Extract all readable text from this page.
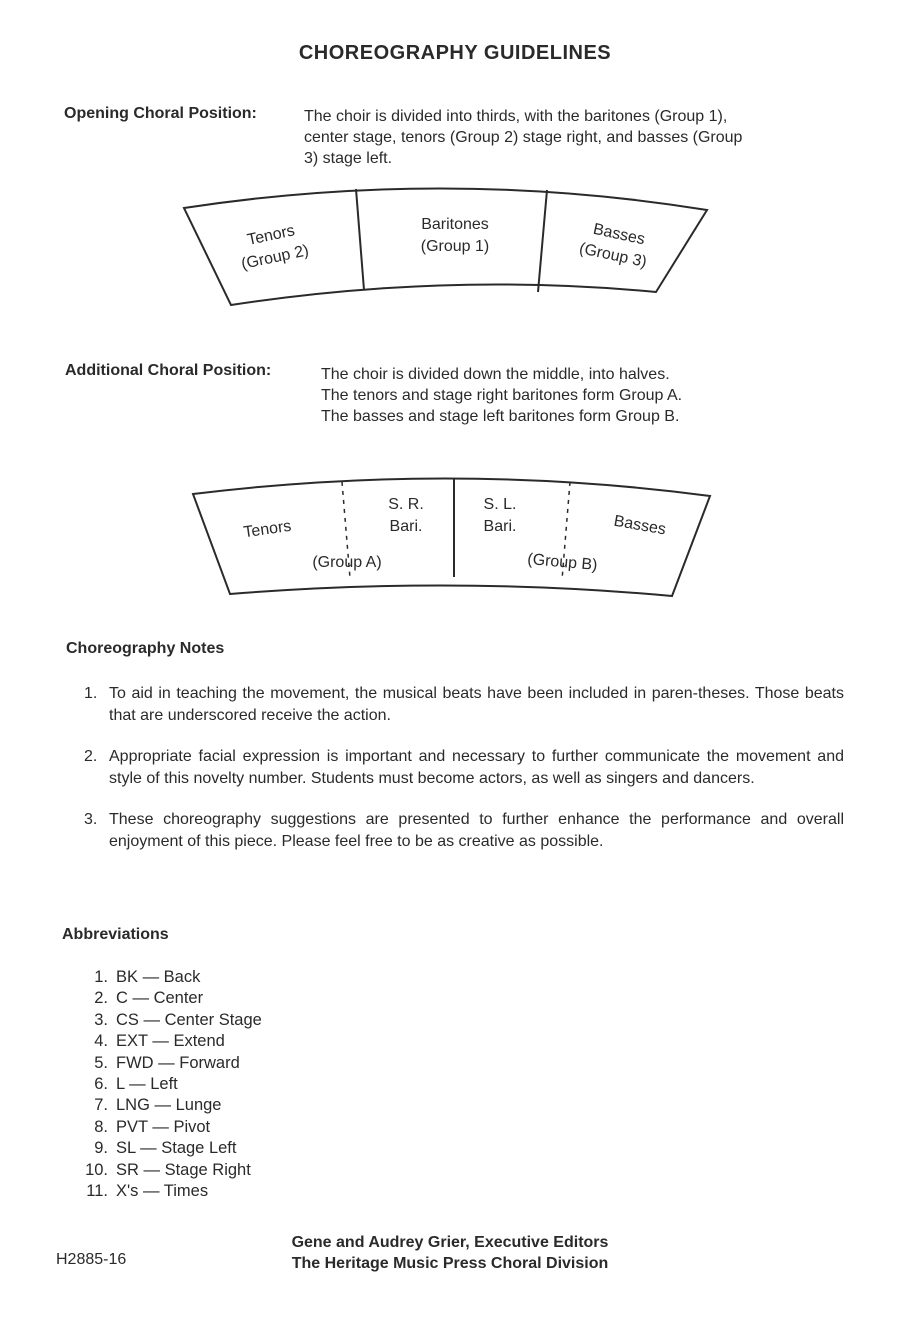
CHOREOGRAPHY GUIDELINES
Opening Choral Position:	The choir is divided into thirds, with the baritones (Group 1),
center stage, tenors (Group 2) stage right, and basses (Group
3) stage left.
Tenors
(Group 2)
Baritones
(Group 1)	Basses
(Group 3)
Additional Choral Position:	The choir is divided down the middle, into halves.
The tenors and stage right baritones form Group A.
The basses and stage left baritones form Group B.
Tenors
S. R.
Bari.
S. L.
Bari.	Basses
(Group A)	(Group B)
Choreography Notes
1. To aid in teaching the movement, the musical beats have been included in paren-theses. Those beats that are underscored receive the action.
2. Appropriate facial expression is important and necessary to further communicate the movement and style of this novelty number. Students must become actors, as well as singers and dancers.
3. These choreography suggestions are presented to further enhance the performance and overall enjoyment of this piece. Please feel free to be as creative as possible.
Abbreviations
1. BK — Back
2. C — Center
3. CS — Center Stage
4. EXT — Extend
5. FWD — Forward
6. L — Left
7. LNG — Lunge
8. PVT — Pivot
9. SL — Stage Left
10. SR — Stage Right
11. X's — Times
Gene and Audrey Grier, Executive Editors
The Heritage Music Press Choral Division
H2885-16
